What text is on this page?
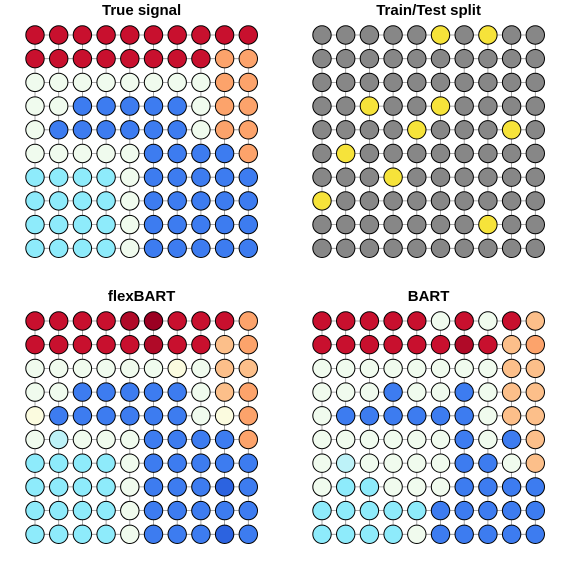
True signal	Train/Test split
flexBART	BART
